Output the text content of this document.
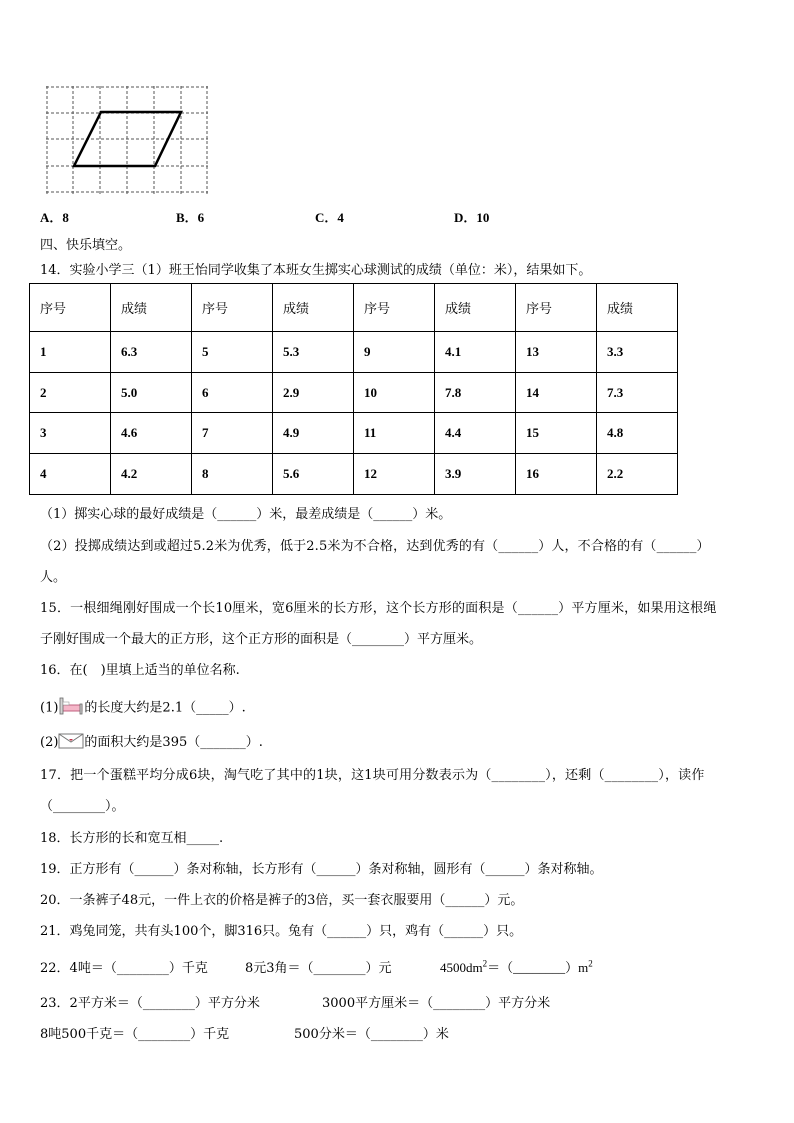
A．8	B．6	C．4	D．10
四、快乐填空。
14．实验小学三（1）班王怡同学收集了本班女生掷实心球测试的成绩（单位：米），结果如下。
序号	成绩	序号	成绩	序号	成绩	序号	成绩
1	6.3	5	5.3	9	4.1	13	3.3
2	5.0	6	2.9	10	7.8	14	7.3
3	4.6	7	4.9	11	4.4	15	4.8
4	4.2	8	5.6	12	3.9	16	2.2
（1）掷实心球的最好成绩是（______）米，最差成绩是（______）米。
（2）投掷成绩达到或超过5.2米为优秀，低于2.5米为不合格，达到优秀的有（______）人，不合格的有（______）
人。
15．一根细绳刚好围成一个长10厘米，宽6厘米的长方形，这个长方形的面积是（______）平方厘米，如果用这根绳
子刚好围成一个最大的正方形，这个正方形的面积是（________）平方厘米。
16．在(　)里填上适当的单位名称.
(1) 的长度大约是2.1（_____）.
(2) 的面积大约是395（_______）.
17．把一个蛋糕平均分成6块，淘气吃了其中的1块，这1块可用分数表示为（________），还剩（________），读作
（________）。
18．长方形的长和宽互相_____.
19．正方形有（______）条对称轴，长方形有（______）条对称轴，圆形有（______）条对称轴。
20．一条裤子48元，一件上衣的价格是裤子的3倍，买一套衣服要用（______）元。
21．鸡兔同笼，共有头100个，脚316只。兔有（______）只，鸡有（______）只。
22．4吨＝（________）千克	8元3角＝（________）元	$4500dm^2=(\_\_\_\_\_\_\_\_)m^2$
23．2平方米＝（________）平方分米	3000平方厘米＝（________）平方分米
8吨500千克＝（________）千克	500分米＝（________）米
